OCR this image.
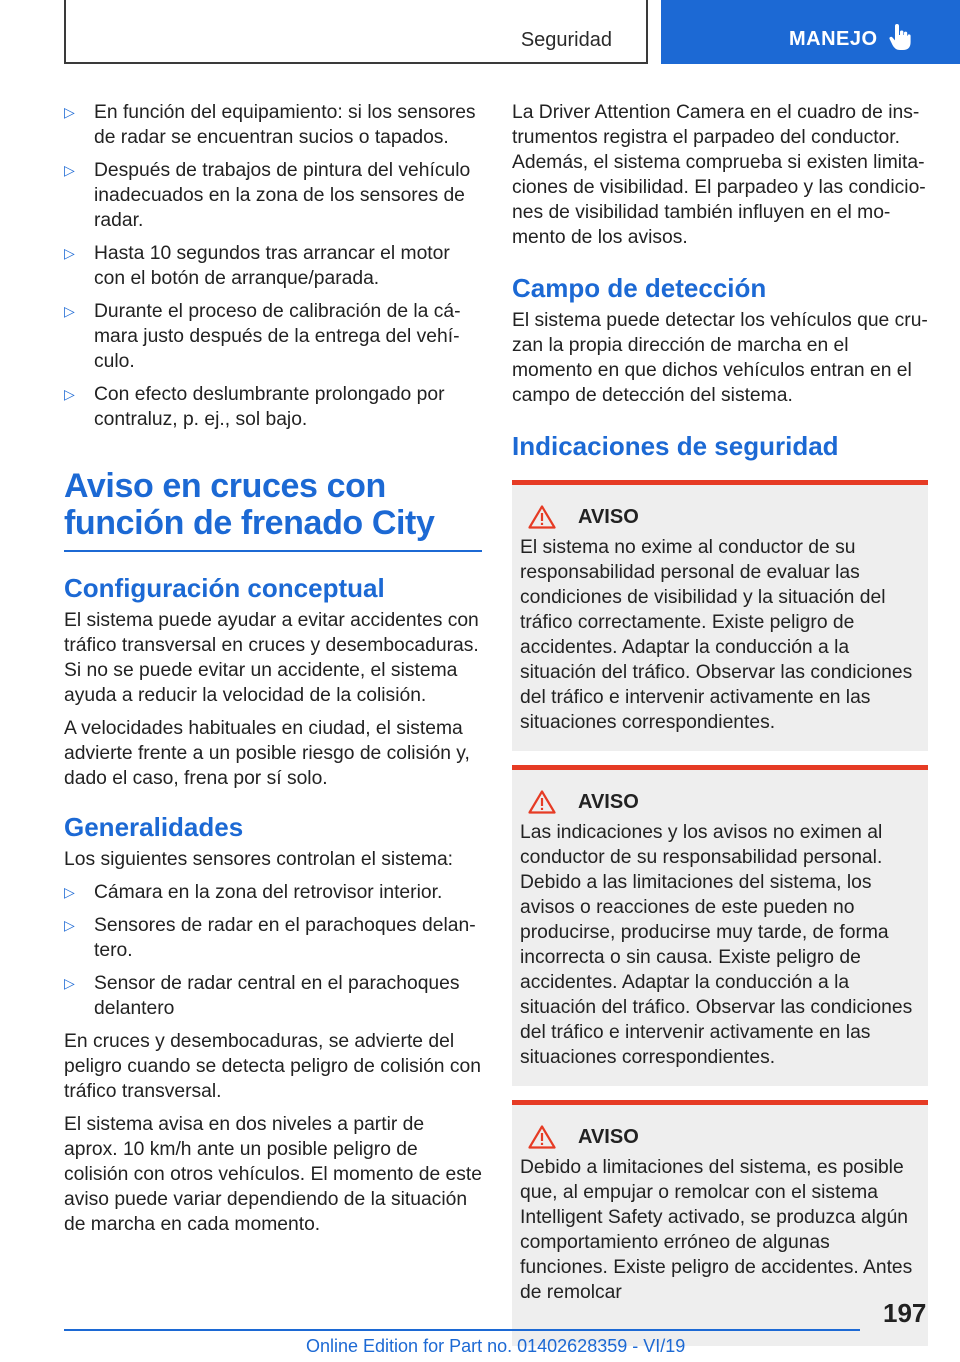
Seguridad	MANEJO
▷ En función del equipamiento: si los sensores de radar se encuentran sucios o tapados.
▷ Después de trabajos de pintura del vehículo inadecuados en la zona de los sensores de radar.
▷ Hasta 10 segundos tras arrancar el motor con el botón de arranque/parada.
▷ Durante el proceso de calibración de la cámara justo después de la entrega del vehículo.
▷ Con efecto deslumbrante prolongado por contraluz, p. ej., sol bajo.
Aviso en cruces con función de frenado City
Configuración conceptual

El sistema puede ayudar a evitar accidentes con tráfico transversal en cruces y desembocaduras. Si no se puede evitar un accidente, el sistema ayuda a reducir la velocidad de la colisión.

A velocidades habituales en ciudad, el sistema advierte frente a un posible riesgo de colisión y, dado el caso, frena por sí solo.

Generalidades

Los siguientes sensores controlan el sistema:

▷ Cámara en la zona del retrovisor interior.
▷ Sensores de radar en el parachoques delantero.
▷ Sensor de radar central en el parachoques delantero

En cruces y desembocaduras, se advierte del peligro cuando se detecta peligro de colisión con tráfico transversal.

El sistema avisa en dos niveles a partir de aprox. 10 km/h ante un posible peligro de colisión con otros vehículos. El momento de este aviso puede variar dependiendo de la situación de marcha en cada momento.

La Driver Attention Camera en el cuadro de instrumentos registra el parpadeo del conductor. Además, el sistema comprueba si existen limitaciones de visibilidad. El parpadeo y las condiciones de visibilidad también influyen en el momento de los avisos.

Campo de detección

El sistema puede detectar los vehículos que cruzan la propia dirección de marcha en el momento en que dichos vehículos entran en el campo de detección del sistema.

Indicaciones de seguridad
AVISO
El sistema no exime al conductor de su responsabilidad personal de evaluar las condiciones de visibilidad y la situación del tráfico correctamente. Existe peligro de accidentes. Adaptar la conducción a la situación del tráfico. Observar las condiciones del tráfico e intervenir activamente en las situaciones correspondientes.
AVISO
Las indicaciones y los avisos no eximen al conductor de su responsabilidad personal. Debido a las limitaciones del sistema, los avisos o reacciones de este pueden no producirse, producirse muy tarde, de forma incorrecta o sin causa. Existe peligro de accidentes. Adaptar la conducción a la situación del tráfico. Observar las condiciones del tráfico e intervenir activamente en las situaciones correspondientes.
AVISO
Debido a limitaciones del sistema, es posible que, al empujar o remolcar con el sistema Intelligent Safety activado, se produzca algún comportamiento erróneo de algunas funciones. Existe peligro de accidentes. Antes de remolcar
197
Online Edition for Part no. 01402628359 - VI/19
